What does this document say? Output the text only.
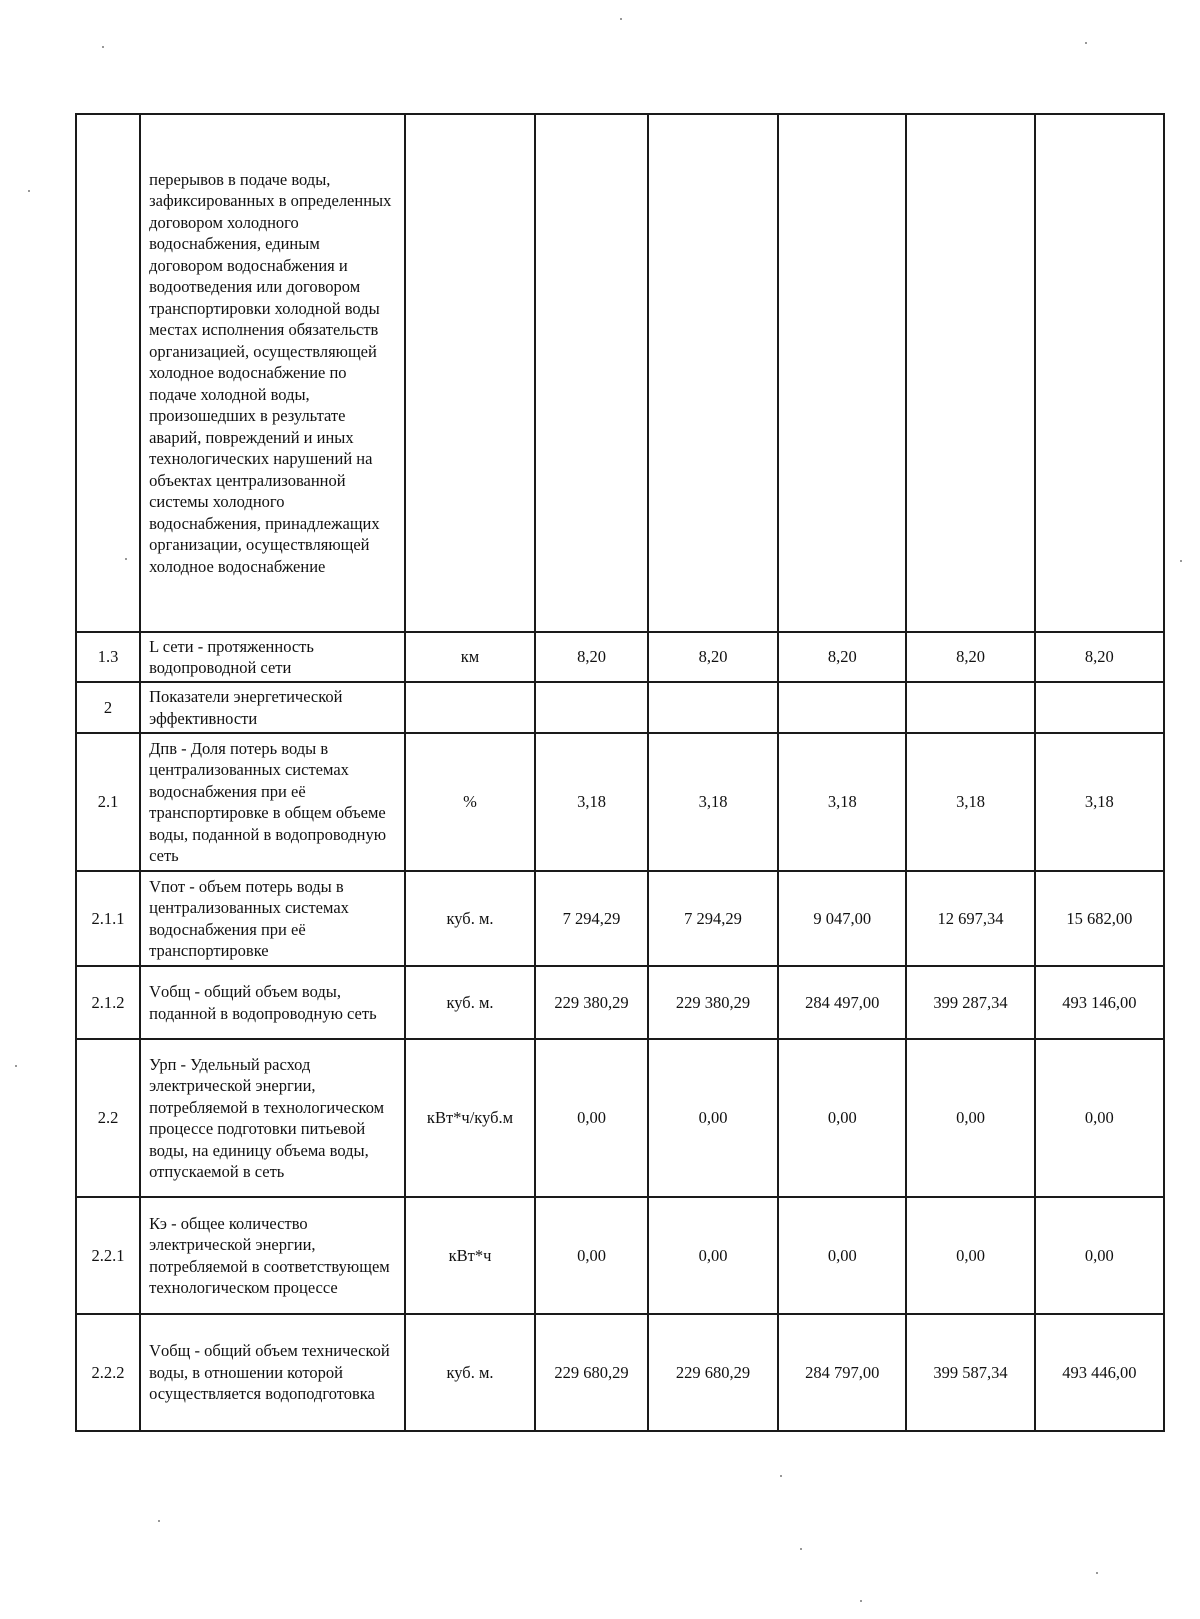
	перерывов в подаче воды, зафиксированных в определенных договором холодного водоснабжения, единым договором водоснабжения и водоотведения или договором транспортировки холодной воды местах исполнения обязательств организацией, осуществляющей холодное водоснабжение по подаче холодной воды, произошедших в результате аварий, повреждений и иных технологических нарушений на объектах централизованной системы холодного водоснабжения, принадлежащих организации, осуществляющей холодное водоснабжение						
1.3	L сети - протяженность водопроводной сети	км	8,20	8,20	8,20	8,20	8,20
2	Показатели энергетической эффективности						
2.1	Дпв - Доля потерь воды в централизованных системах водоснабжения при её транспортировке в общем объеме воды, поданной в водопроводную сеть	%	3,18	3,18	3,18	3,18	3,18
2.1.1	Vпот - объем потерь воды в централизованных системах водоснабжения при её транспортировке	куб. м.	7 294,29	7 294,29	9 047,00	12 697,34	15 682,00
2.1.2	Vобщ - общий объем воды, поданной в водопроводную сеть	куб. м.	229 380,29	229 380,29	284 497,00	399 287,34	493 146,00
2.2	Урп - Удельный расход электрической энергии, потребляемой в технологическом процессе подготовки питьевой воды, на единицу объема воды, отпускаемой в сеть	кВт*ч/куб.м	0,00	0,00	0,00	0,00	0,00
2.2.1	Кэ - общее количество электрической энергии, потребляемой в соответствующем технологическом процессе	кВт*ч	0,00	0,00	0,00	0,00	0,00
2.2.2	Vобщ - общий объем технической воды, в отношении которой осуществляется водоподготовка	куб. м.	229 680,29	229 680,29	284 797,00	399 587,34	493 446,00
